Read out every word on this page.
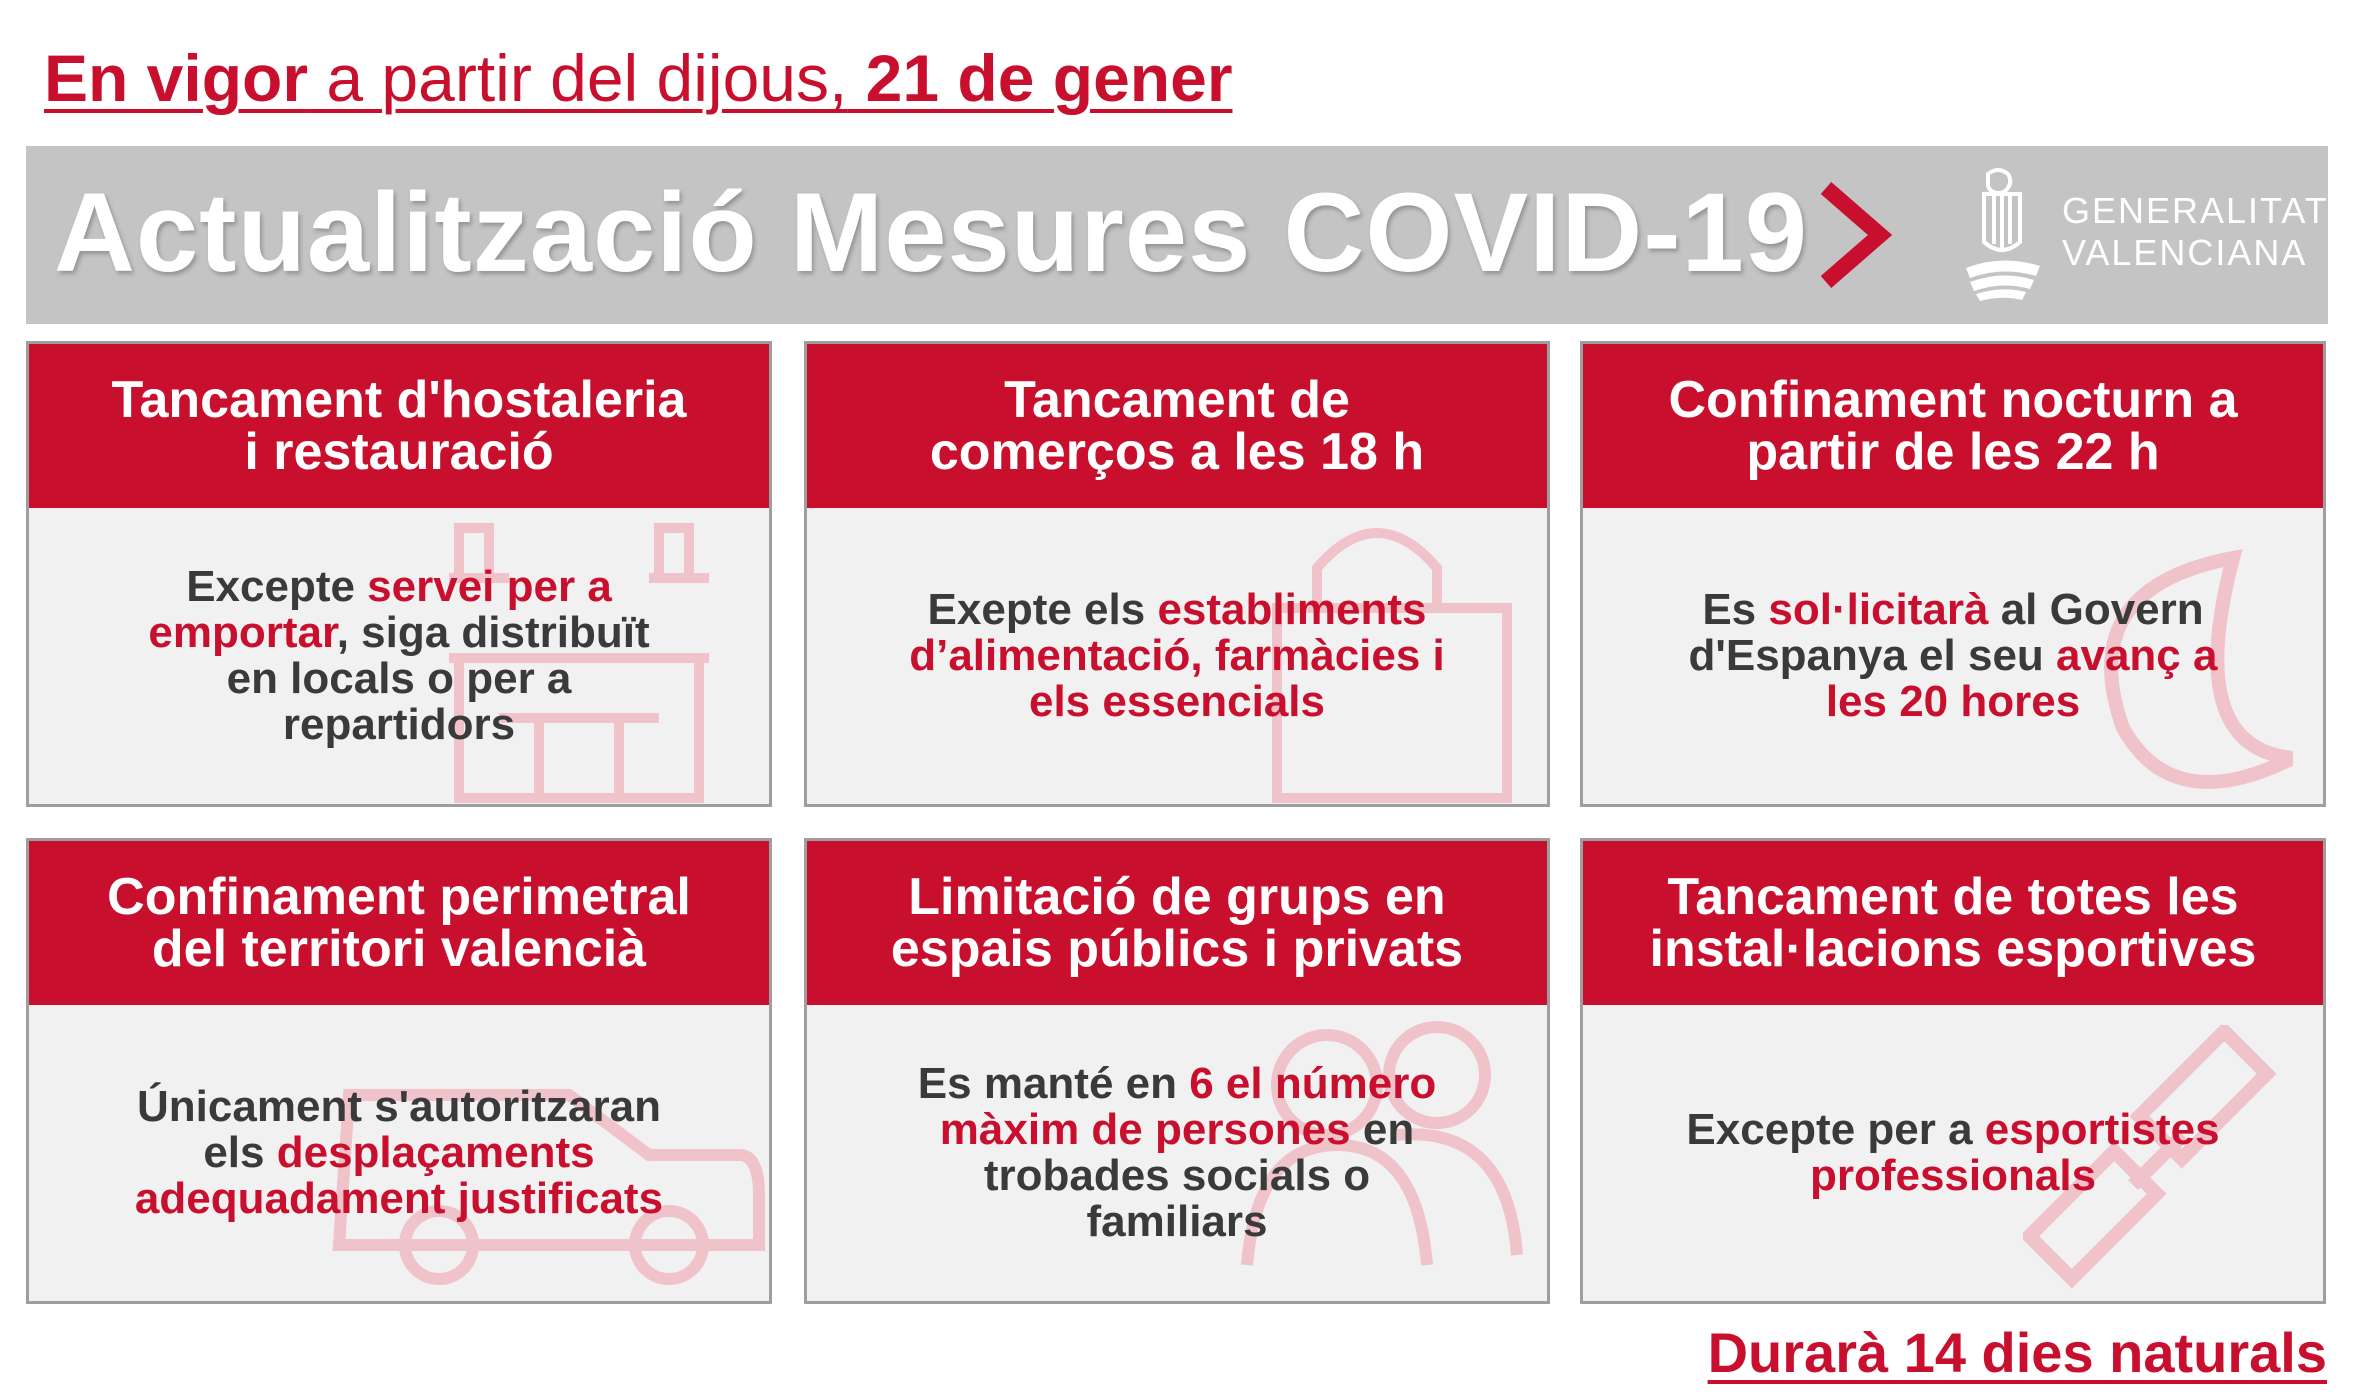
En vigor a partir del dijous, 21 de gener
Actualització Mesures COVID-19	GENERALITAT
VALENCIANA
Tancament d'hostaleria
i restauració
Excepte servei per a emportar, siga distribuït en locals o per a repartidors
Tancament de
comerços a les 18 h
Exepte els establiments d’alimentació, farmàcies i els essencials
Confinament nocturn a
partir de les 22 h
Es sol·licitarà al Govern d'Espanya el seu avanç a les 20 hores
Confinament perimetral
del territori valencià
Únicament s'autoritzaran els desplaçaments adequadament justificats
Limitació de grups en
espais públics i privats
Es manté en 6 el número màxim de persones en trobades socials o familiars
Tancament de totes les
instal·lacions esportives
Excepte per a esportistes professionals
Durarà 14 dies naturals
